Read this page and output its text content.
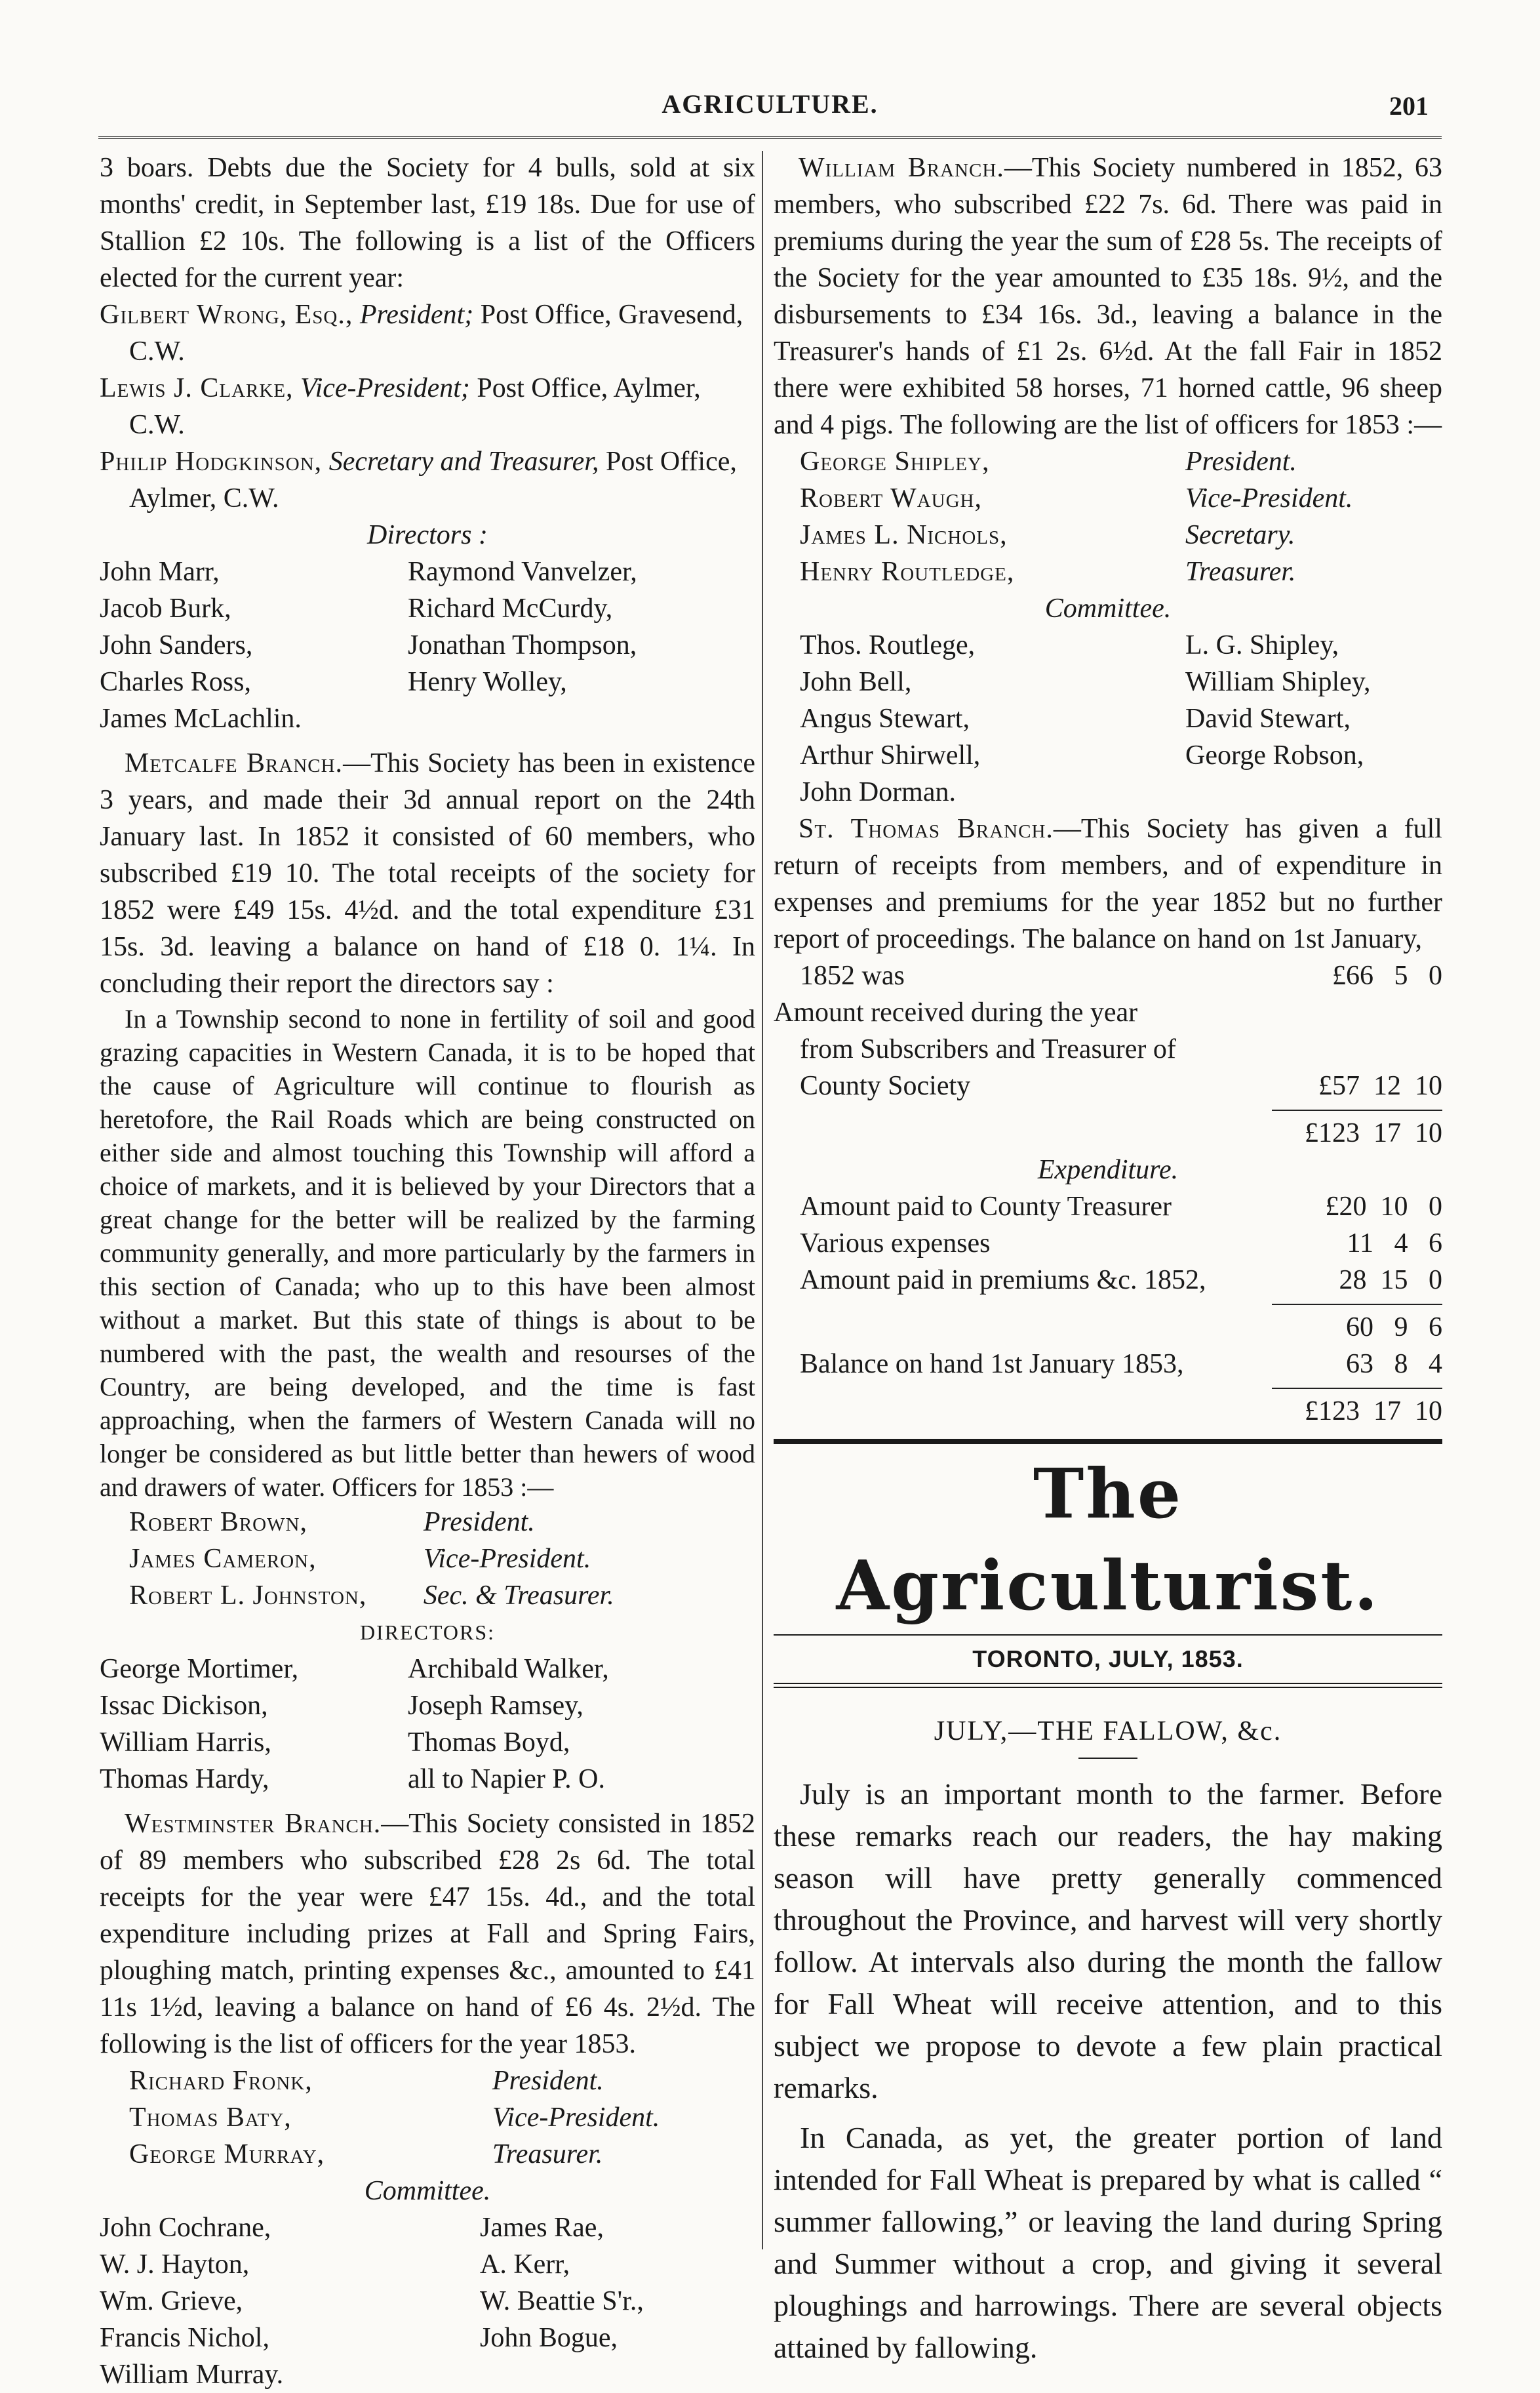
AGRICULTURE.	201

3 boars. Debts due the Society for 4 bulls, sold at six months' credit, in September last, £19 18s. Due for use of Stallion £2 10s. The following is a list of the Officers elected for the current year:

Gilbert Wrong, Esq., President; Post Office, Gravesend, C.W.

Lewis J. Clarke, Vice-President; Post Office, Aylmer, C.W.

Philip Hodgkinson, Secretary and Treasurer, Post Office, Aylmer, C.W.

Directors :
John Marr,	Raymond Vanvelzer,
Jacob Burk,	Richard McCurdy,
John Sanders,	Jonathan Thompson,
Charles Ross,	Henry Wolley,
James McLachlin.

Metcalfe Branch.—This Society has been in existence 3 years, and made their 3d annual report on the 24th January last. In 1852 it consisted of 60 members, who subscribed £19 10. The total receipts of the society for 1852 were £49 15s. 4½d. and the total expenditure £31 15s. 3d. leaving a balance on hand of £18 0. 1¼. In concluding their report the directors say :

In a Township second to none in fertility of soil and good grazing capacities in Western Canada, it is to be hoped that the cause of Agriculture will continue to flourish as heretofore, the Rail Roads which are being constructed on either side and almost touching this Township will afford a choice of markets, and it is believed by your Directors that a great change for the better will be realized by the farming community generally, and more particularly by the farmers in this section of Canada; who up to this have been almost without a market. But this state of things is about to be numbered with the past, the wealth and resourses of the Country, are being developed, and the time is fast approaching, when the farmers of Western Canada will no longer be considered as but little better than hewers of wood and drawers of water. Officers for 1853 :—

Robert Brown,	President.
James Cameron,	Vice-President.
Robert L. Johnston,	Sec. & Treasurer.
DIRECTORS:
George Mortimer,	Archibald Walker,
Issac Dickison,	Joseph Ramsey,
William Harris,	Thomas Boyd,
Thomas Hardy,	all to Napier P. O.

Westminster Branch.—This Society consisted in 1852 of 89 members who subscribed £28 2s 6d. The total receipts for the year were £47 15s. 4d., and the total expenditure including prizes at Fall and Spring Fairs, ploughing match, printing expenses &c., amounted to £41 11s 1½d, leaving a balance on hand of £6 4s. 2½d. The following is the list of officers for the year 1853.

Richard Fronk,	President.
Thomas Baty,	Vice-President.
George Murray,	Treasurer.
Committee.
John Cochrane,	James Rae,
W. J. Hayton,	A. Kerr,
Wm. Grieve,	W. Beattie S'r.,
Francis Nichol,	John Bogue,
William Murray.

William Branch.—This Society numbered in 1852, 63 members, who subscribed £22 7s. 6d. There was paid in premiums during the year the sum of £28 5s. The receipts of the Society for the year amounted to £35 18s. 9½, and the disbursements to £34 16s. 3d., leaving a balance in the Treasurer's hands of £1 2s. 6½d. At the fall Fair in 1852 there were exhibited 58 horses, 71 horned cattle, 96 sheep and 4 pigs. The following are the list of officers for 1853 :—

George Shipley,	President.
Robert Waugh,	Vice-President.
James L. Nichols,	Secretary.
Henry Routledge,	Treasurer.
Committee.
Thos. Routlege,	L. G. Shipley,
John Bell,	William Shipley,
Angus Stewart,	David Stewart,
Arthur Shirwell,	George Robson,
John Dorman.

St. Thomas Branch.—This Society has given a full return of receipts from members, and of expenditure in expenses and premiums for the year 1852 but no further report of proceedings. The balance on hand on 1st January,

1852 was	£66   5   0
Amount received during the year
from Subscribers and Treasurer of
County Society	£57  12  10
£123  17  10
Expenditure.
Amount paid to County Treasurer	£20  10   0
Various expenses	11   4   6
Amount paid in premiums &c. 1852,	28  15   0
60   9   6
Balance on hand 1st January 1853,	63   8   4
£123  17  10
The Agriculturist.
TORONTO, JULY, 1853.
JULY,—THE FALLOW, &c.

July is an important month to the farmer. Before these remarks reach our readers, the hay making season will have pretty generally commenced throughout the Province, and harvest will very shortly follow. At intervals also during the month the fallow for Fall Wheat will receive attention, and to this subject we propose to devote a few plain practical remarks.

In Canada, as yet, the greater portion of land intended for Fall Wheat is prepared by what is called “ summer fallowing,” or leaving the land during Spring and Summer without a crop, and giving it several ploughings and harrowings. There are several objects attained by fallowing.
